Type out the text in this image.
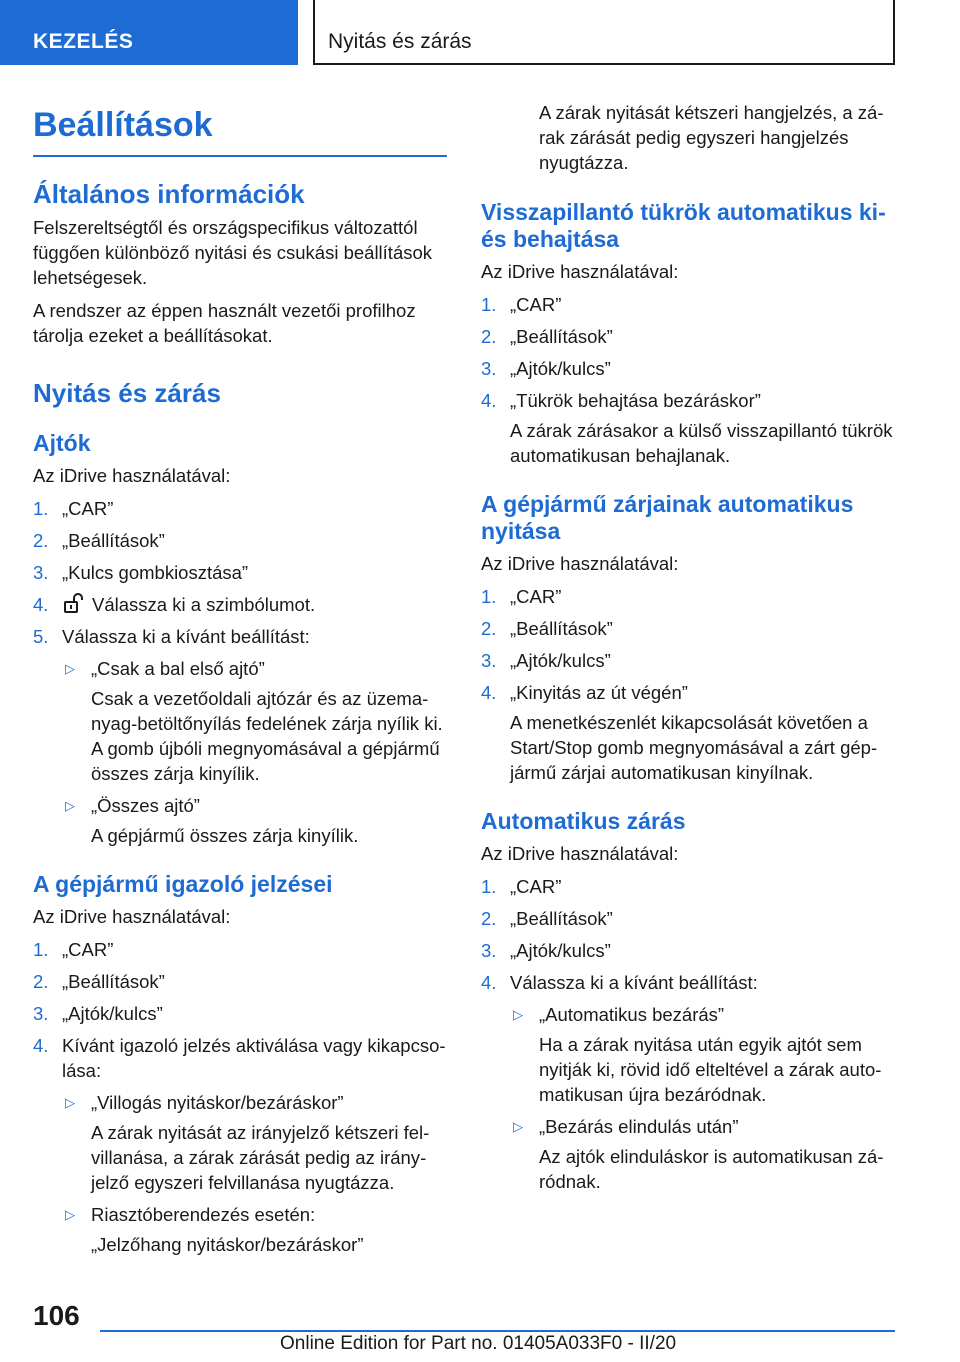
KEZELÉS	Nyitás és zárás
Beállítások
Általános információk

Felszereltségtől és országspecifikus változattól függően különböző nyitási és csukási beállítások lehetségesek.

A rendszer az éppen használt vezetői profilhoz tárolja ezeket a beállításokat.

Nyitás és zárás
Ajtók

Az iDrive használatával:

1. „CAR”
2. „Beállítások”
3. „Kulcs gombkiosztása”
4. Válassza ki a szimbólumot.
5. Válassza ki a kívánt beállítást:
▷ „Csak a bal első ajtó”
Csak a vezetőoldali ajtózár és az üzemanyag-betöltőnyílás fedelének zárja nyílik ki. A gomb újbóli megnyomásával a gépjármű összes zárja kinyílik.
▷ „Összes ajtó”
A gépjármű összes zárja kinyílik.
A gépjármű igazoló jelzései

Az iDrive használatával:

1. „CAR”
2. „Beállítások”
3. „Ajtók/kulcs”
4. Kívánt igazoló jelzés aktiválása vagy kikapcsolása:
▷ „Villogás nyitáskor/bezáráskor”
A zárak nyitását az irányjelző kétszeri felvillanása, a zárak zárását pedig az irányjelző egyszeri felvillanása nyugtázza.
▷ Riasztóberendezés esetén:
„Jelzőhang nyitáskor/bezáráskor”

A zárak nyitását kétszeri hangjelzés, a zárak zárását pedig egyszeri hangjelzés nyugtázza.

Visszapillantó tükrök automatikus ki- és behajtása

Az iDrive használatával:

1. „CAR”
2. „Beállítások”
3. „Ajtók/kulcs”
4. „Tükrök behajtása bezáráskor”
A zárak zárásakor a külső visszapillantó tükrök automatikusan behajlanak.
A gépjármű zárjainak automatikus nyitása

Az iDrive használatával:

1. „CAR”
2. „Beállítások”
3. „Ajtók/kulcs”
4. „Kinyitás az út végén”
A menetkészenlét kikapcsolását követően a Start/Stop gomb megnyomásával a zárt gépjármű zárjai automatikusan kinyílnak.
Automatikus zárás

Az iDrive használatával:

1. „CAR”
2. „Beállítások”
3. „Ajtók/kulcs”
4. Válassza ki a kívánt beállítást:
▷ „Automatikus bezárás”
Ha a zárak nyitása után egyik ajtót sem nyitják ki, rövid idő elteltével a zárak automatikusan újra bezáródnak.
▷ „Bezárás elindulás után”
Az ajtók elinduláskor is automatikusan záródnak.
106
Online Edition for Part no. 01405A033F0 - II/20
